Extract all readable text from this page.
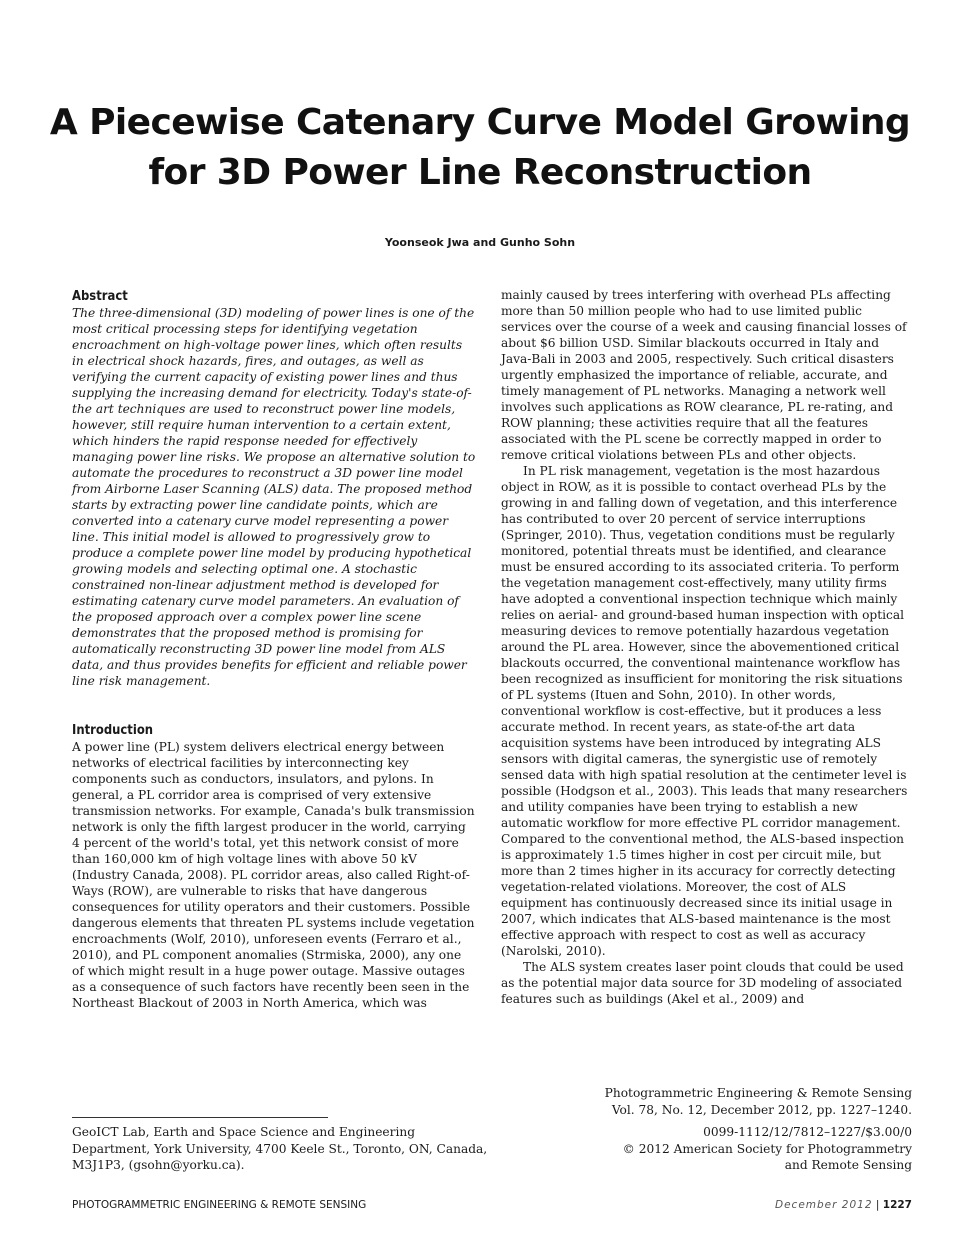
A Piecewise Catenary Curve Model Growing for 3D Power Line Reconstruction

Yoonseok Jwa and Gunho Sohn

Abstract

The three-dimensional (3D) modeling of power lines is one of the most critical processing steps for identifying vegetation encroachment on high-voltage power lines, which often results in electrical shock hazards, fires, and outages, as well as verifying the current capacity of existing power lines and thus supplying the increasing demand for electricity. Today's state-of-the art techniques are used to reconstruct power line models, however, still require human intervention to a certain extent, which hinders the rapid response needed for effectively managing power line risks. We propose an alternative solution to automate the procedures to reconstruct a 3D power line model from Airborne Laser Scanning (ALS) data. The proposed method starts by extracting power line candidate points, which are converted into a catenary curve model representing a power line. This initial model is allowed to progressively grow to produce a complete power line model by producing hypothetical growing models and selecting optimal one. A stochastic constrained non-linear adjustment method is developed for estimating catenary curve model parameters. An evaluation of the proposed approach over a complex power line scene demonstrates that the proposed method is promising for automatically reconstructing 3D power line model from ALS data, and thus provides benefits for efficient and reliable power line risk management.

Introduction

A power line (PL) system delivers electrical energy between networks of electrical facilities by interconnecting key components such as conductors, insulators, and pylons. In general, a PL corridor area is comprised of very extensive transmission networks. For example, Canada's bulk transmission network is only the fifth largest producer in the world, carrying 4 percent of the world's total, yet this network consist of more than 160,000 km of high voltage lines with above 50 kV (Industry Canada, 2008). PL corridor areas, also called Right-of-Ways (ROW), are vulnerable to risks that have dangerous consequences for utility operators and their customers. Possible dangerous elements that threaten PL systems include vegetation encroachments (Wolf, 2010), unforeseen events (Ferraro et al., 2010), and PL component anomalies (Strmiska, 2000), any one of which might result in a huge power outage. Massive outages as a consequence of such factors have recently been seen in the Northeast Blackout of 2003 in North America, which was

mainly caused by trees interfering with overhead PLs affecting more than 50 million people who had to use limited public services over the course of a week and causing financial losses of about $6 billion USD. Similar blackouts occurred in Italy and Java-Bali in 2003 and 2005, respectively. Such critical disasters urgently emphasized the importance of reliable, accurate, and timely management of PL networks. Managing a network well involves such applications as ROW clearance, PL re-rating, and ROW planning; these activities require that all the features associated with the PL scene be correctly mapped in order to remove critical violations between PLs and other objects.

In PL risk management, vegetation is the most hazardous object in ROW, as it is possible to contact overhead PLs by the growing in and falling down of vegetation, and this interference has contributed to over 20 percent of service interruptions (Springer, 2010). Thus, vegetation conditions must be regularly monitored, potential threats must be identified, and clearance must be ensured according to its associated criteria. To perform the vegetation management cost-effectively, many utility firms have adopted a conventional inspection technique which mainly relies on aerial- and ground-based human inspection with optical measuring devices to remove potentially hazardous vegetation around the PL area. However, since the abovementioned critical blackouts occurred, the conventional maintenance workflow has been recognized as insufficient for monitoring the risk situations of PL systems (Ituen and Sohn, 2010). In other words, conventional workflow is cost-effective, but it produces a less accurate method. In recent years, as state-of-the art data acquisition systems have been introduced by integrating ALS sensors with digital cameras, the synergistic use of remotely sensed data with high spatial resolution at the centimeter level is possible (Hodgson et al., 2003). This leads that many researchers and utility companies have been trying to establish a new automatic workflow for more effective PL corridor management. Compared to the conventional method, the ALS-based inspection is approximately 1.5 times higher in cost per circuit mile, but more than 2 times higher in its accuracy for correctly detecting vegetation-related violations. Moreover, the cost of ALS equipment has continuously decreased since its initial usage in 2007, which indicates that ALS-based maintenance is the most effective approach with respect to cost as well as accuracy (Narolski, 2010).

The ALS system creates laser point clouds that could be used as the potential major data source for 3D modeling of associated features such as buildings (Akel et al., 2009) and

Photogrammetric Engineering & Remote Sensing

Vol. 78, No. 12, December 2012, pp. 1227–1240.

0099-1112/12/7812–1227/$3.00/0

© 2012 American Society for Photogrammetry

and Remote Sensing

GeoICT Lab, Earth and Space Science and Engineering Department, York University, 4700 Keele St., Toronto, ON, Canada, M3J1P3, (gsohn@yorku.ca).

PHOTOGRAMMETRIC ENGINEERING & REMOTE SENSING	December 2012 | 1227
